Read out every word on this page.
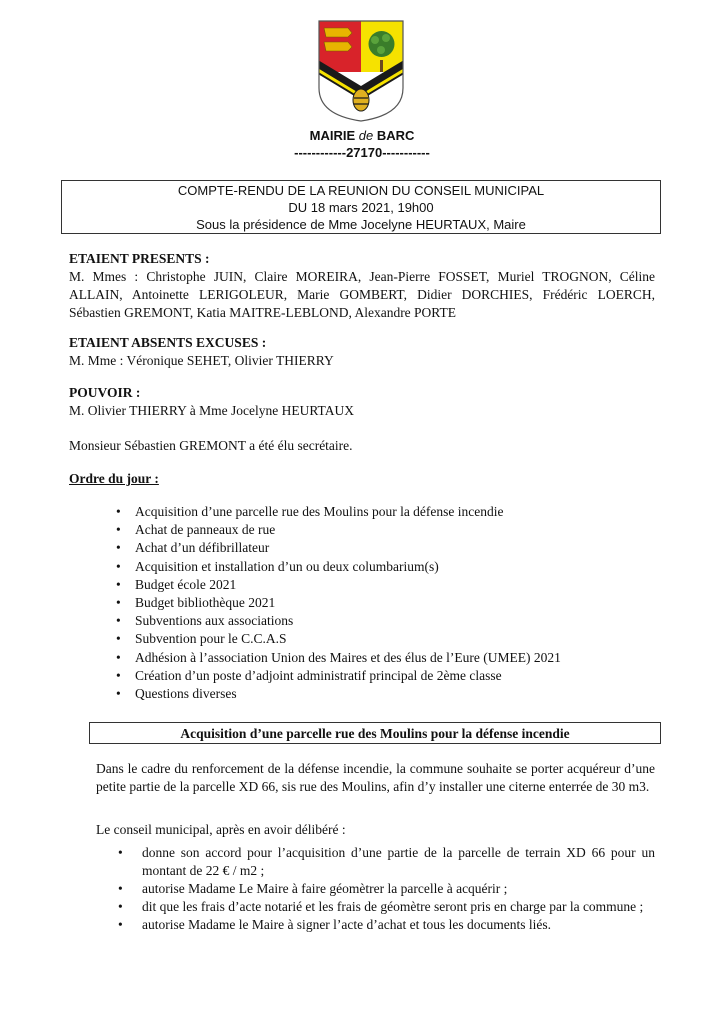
MAIRIE de BARC
------------27170-----------
COMPTE-RENDU DE LA REUNION DU CONSEIL MUNICIPAL
DU 18 mars 2021, 19h00
Sous la présidence de Mme Jocelyne HEURTAUX, Maire
ETAIENT PRESENTS :
M. Mmes : Christophe JUIN, Claire MOREIRA, Jean-Pierre FOSSET, Muriel TROGNON, Céline ALLAIN, Antoinette LERIGOLEUR, Marie GOMBERT, Didier DORCHIES, Frédéric LOERCH, Sébastien GREMONT, Katia MAITRE-LEBLOND, Alexandre PORTE
ETAIENT ABSENTS EXCUSES :
M. Mme : Véronique SEHET, Olivier THIERRY
POUVOIR :
M. Olivier THIERRY à Mme Jocelyne HEURTAUX
Monsieur Sébastien GREMONT a été élu secrétaire.
Ordre du jour :
• Acquisition d’une parcelle rue des Moulins pour la défense incendie
• Achat de panneaux de rue
• Achat d’un défibrillateur
• Acquisition et installation d’un ou deux columbarium(s)
• Budget école 2021
• Budget bibliothèque 2021
• Subventions aux associations
• Subvention pour le C.C.A.S
• Adhésion à l’association Union des Maires et des élus de l’Eure (UMEE) 2021
• Création d’un poste d’adjoint administratif principal de 2ème classe
• Questions diverses
Acquisition d’une parcelle rue des Moulins pour la défense incendie
Dans le cadre du renforcement de la défense incendie, la commune souhaite se porter acquéreur d’une petite partie de la parcelle XD 66, sis rue des Moulins, afin d’y installer une citerne enterrée de 30 m3.
Le conseil municipal, après en avoir délibéré :
• donne son accord pour l’acquisition d’une partie de la parcelle de terrain XD 66 pour un montant de 22 € / m2 ;
• autorise Madame Le Maire à faire géomètrer la parcelle à acquérir ;
• dit que les frais d’acte notarié et les frais de géomètre seront pris en charge par la commune ;
• autorise Madame le Maire à signer l’acte d’achat et tous les documents liés.
